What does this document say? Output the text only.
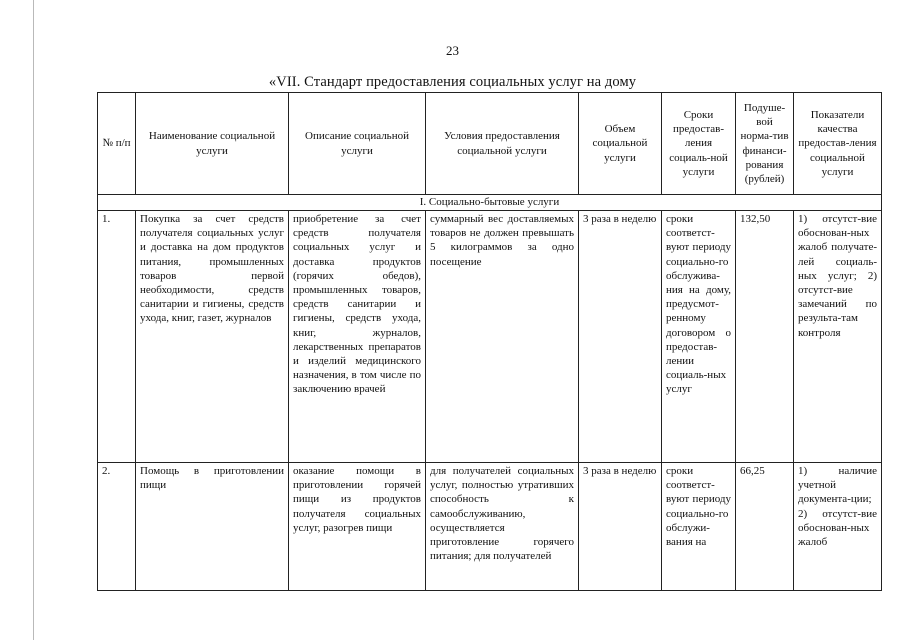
23
«VII. Стандарт предоставления социальных услуг на дому
№ п/п	Наименование социальной услуги	Описание социальной услуги	Условия предоставления социальной услуги	Объем социальной услуги	Сроки предостав-ления социаль-ной услуги	Подуше-вой норма-тив финанси-рования (рублей)	Показатели качества предостав-ления социальной услуги
I. Социально-бытовые услуги							
1.	Покупка за счет средств получателя социальных услуг и доставка на дом продуктов питания, промышленных товаров первой необходимости, средств санитарии и гигиены, средств ухода, книг, газет, журналов	приобретение за счет средств получателя социальных услуг и доставка продуктов (горячих обедов), промышленных товаров, средств санитарии и гигиены, средств ухода, книг, журналов, лекарственных препаратов и изделий медицинского назначения, в том числе по заключению врачей	суммарный вес доставляемых товаров не должен превышать 5 килограммов за одно посещение	3 раза в неделю	сроки соответст-вуют периоду социально-го обслужива-ния на дому, предусмот-ренному договором о предостав-лении социаль-ных услуг	132,50	1) отсутст-вие обоснован-ных жалоб получате-лей социаль-ных услуг; 2) отсутст-вие замечаний по результа-там контроля
2.	Помощь в приготовлении пищи	оказание помощи в приготовлении горячей пищи из продуктов получателя социальных услуг, разогрев пищи	для получателей социальных услуг, полностью утративших способность к самообслуживанию, осуществляется приготовление горячего питания; для получателей	3 раза в неделю	сроки соответст-вуют периоду социально-го обслужи-вания на	66,25	1) наличие учетной документа-ции; 2) отсутст-вие обоснован-ных жалоб
